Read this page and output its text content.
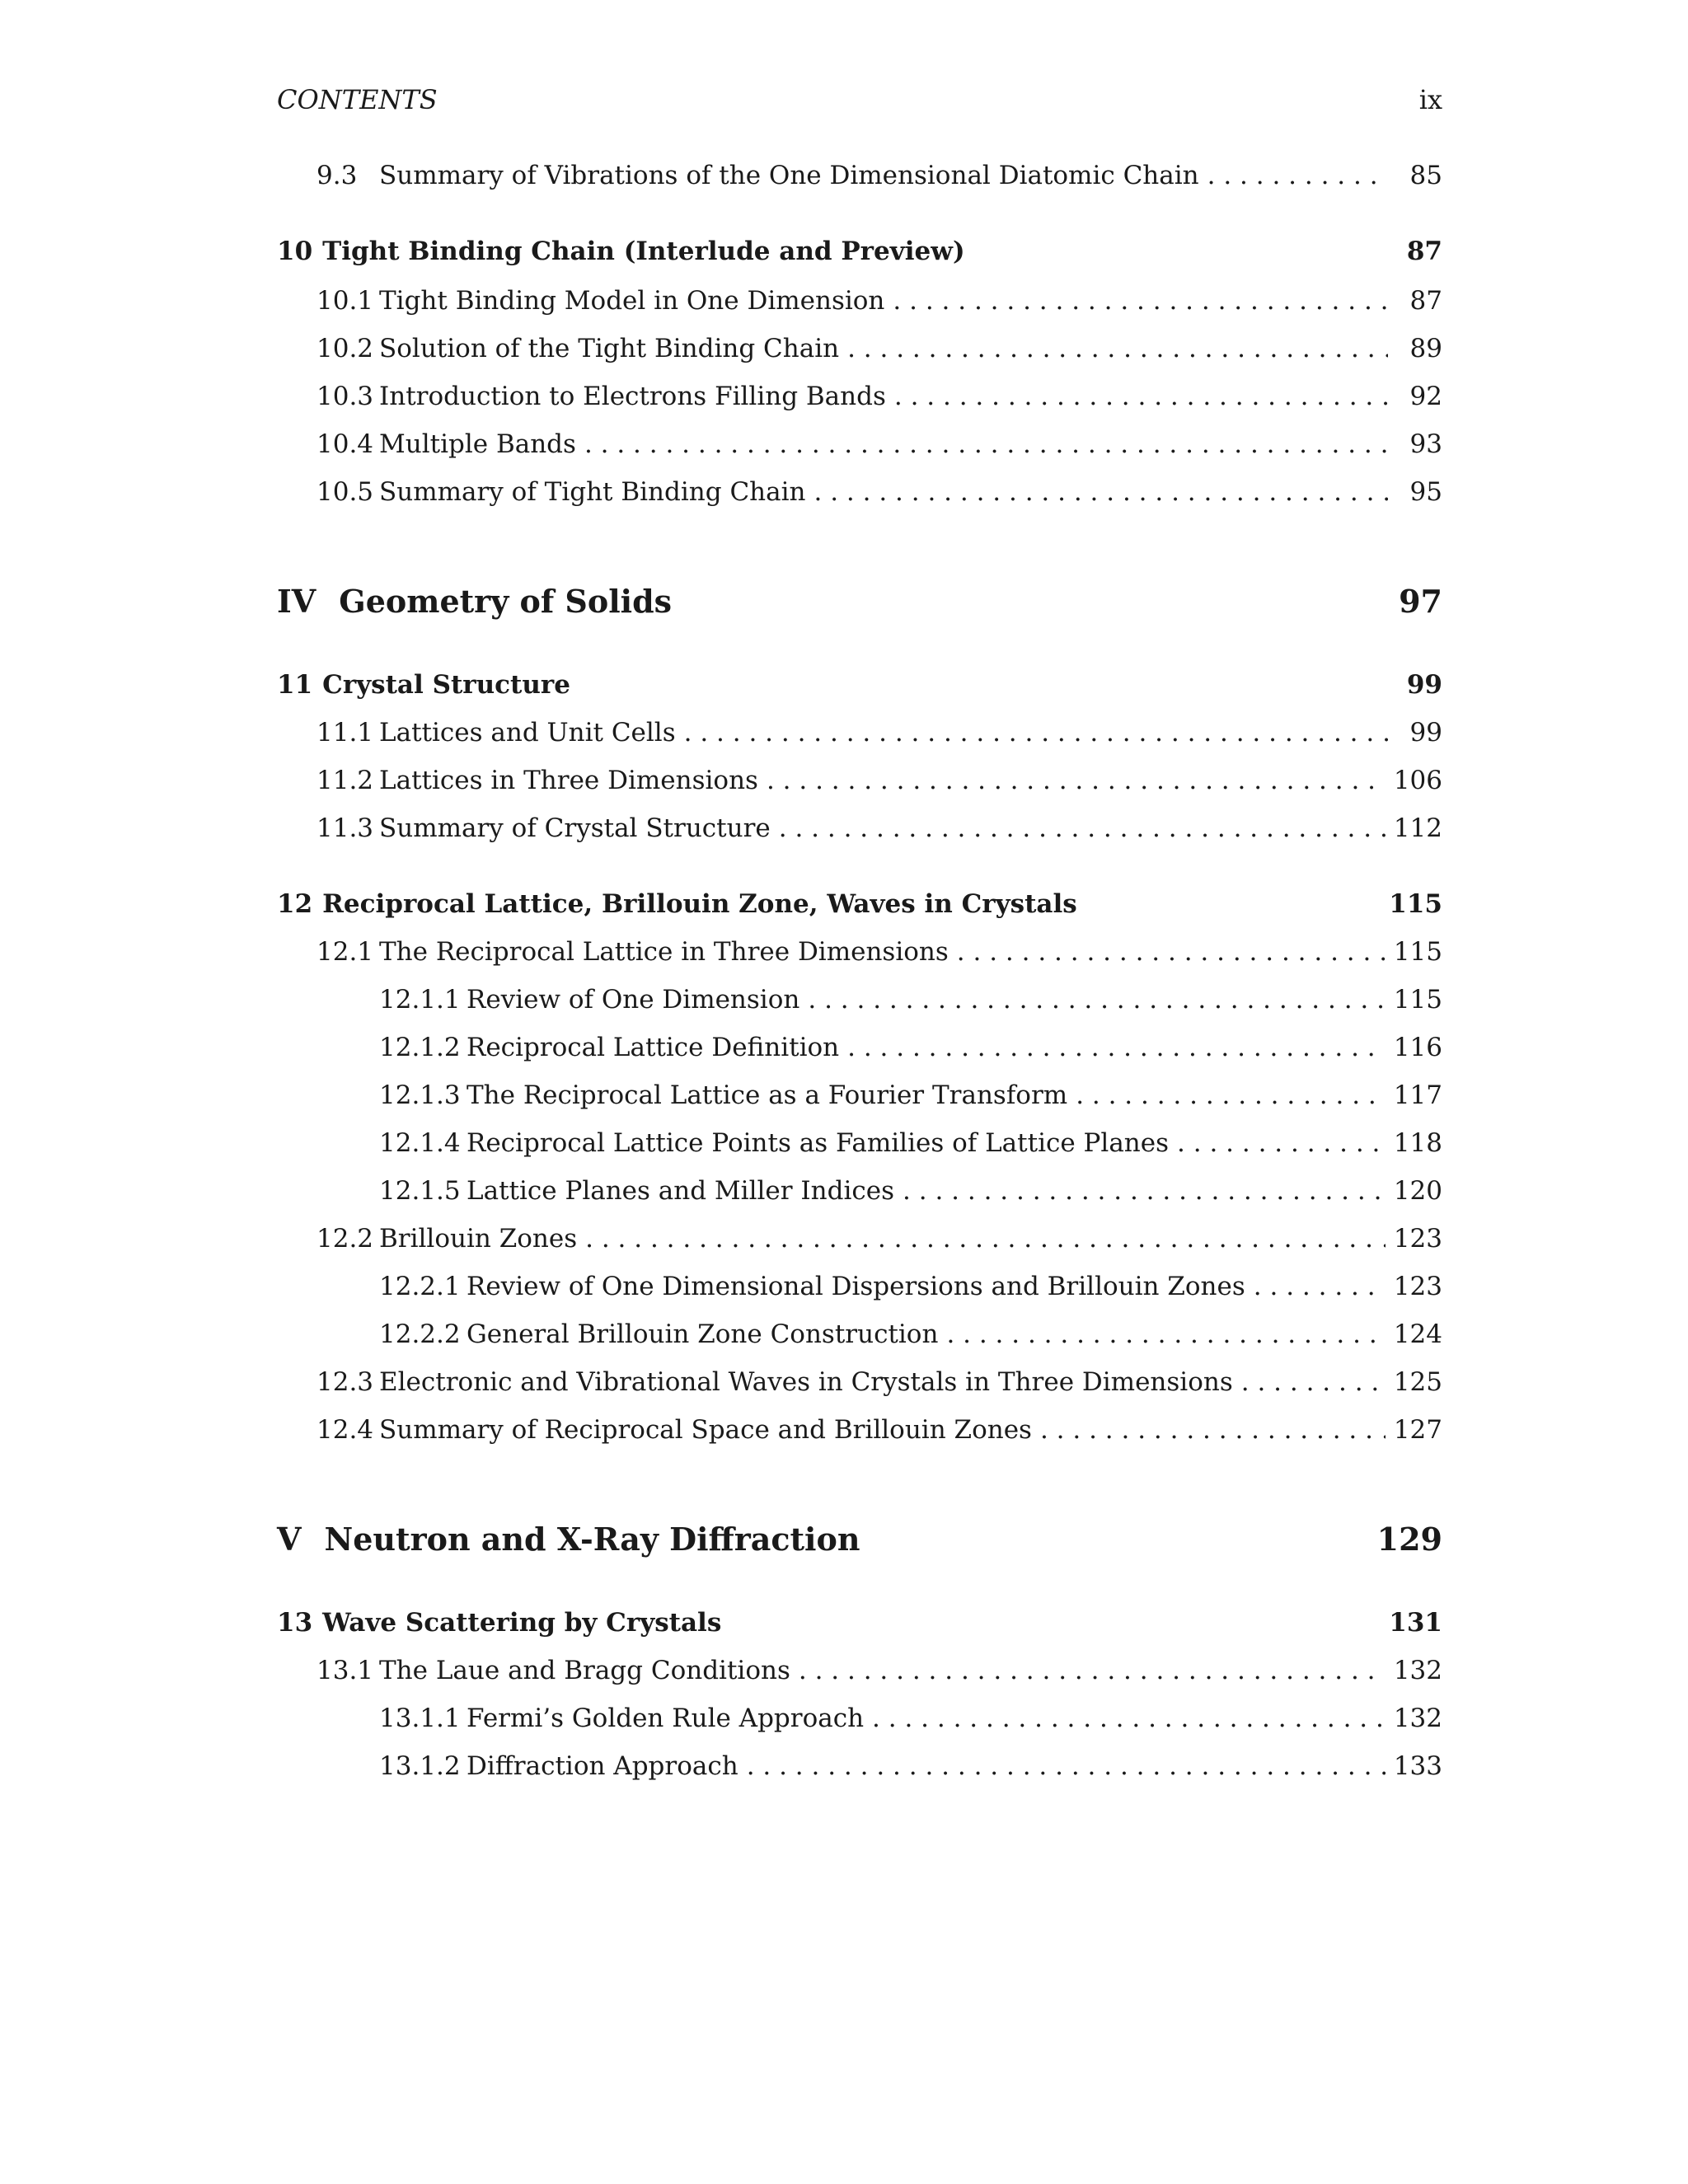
CONTENTS	ix
9.3 Summary of Vibrations of the One Dimensional Diatomic Chain . . .	85
10 Tight Binding Chain (Interlude and Preview)	87
10.1 Tight Binding Model in One Dimension . . .	87
10.2 Solution of the Tight Binding Chain . . .	89
10.3 Introduction to Electrons Filling Bands . . .	92
10.4 Multiple Bands . . .	93
10.5 Summary of Tight Binding Chain . . .	95
IV Geometry of Solids	97
11 Crystal Structure	99
11.1 Lattices and Unit Cells . . .	99
11.2 Lattices in Three Dimensions . . .	106
11.3 Summary of Crystal Structure . . .	112
12 Reciprocal Lattice, Brillouin Zone, Waves in Crystals	115
12.1 The Reciprocal Lattice in Three Dimensions . . .	115
12.1.1 Review of One Dimension . . .	115
12.1.2 Reciprocal Lattice Definition . . .	116
12.1.3 The Reciprocal Lattice as a Fourier Transform . . .	117
12.1.4 Reciprocal Lattice Points as Families of Lattice Planes . . .	118
12.1.5 Lattice Planes and Miller Indices . . .	120
12.2 Brillouin Zones . . .	123
12.2.1 Review of One Dimensional Dispersions and Brillouin Zones . . .	123
12.2.2 General Brillouin Zone Construction . . .	124
12.3 Electronic and Vibrational Waves in Crystals in Three Dimensions . . .	125
12.4 Summary of Reciprocal Space and Brillouin Zones . . .	127
V Neutron and X-Ray Diffraction	129
13 Wave Scattering by Crystals	131
13.1 The Laue and Bragg Conditions . . .	132
13.1.1 Fermi’s Golden Rule Approach . . .	132
13.1.2 Diffraction Approach . . .	133
